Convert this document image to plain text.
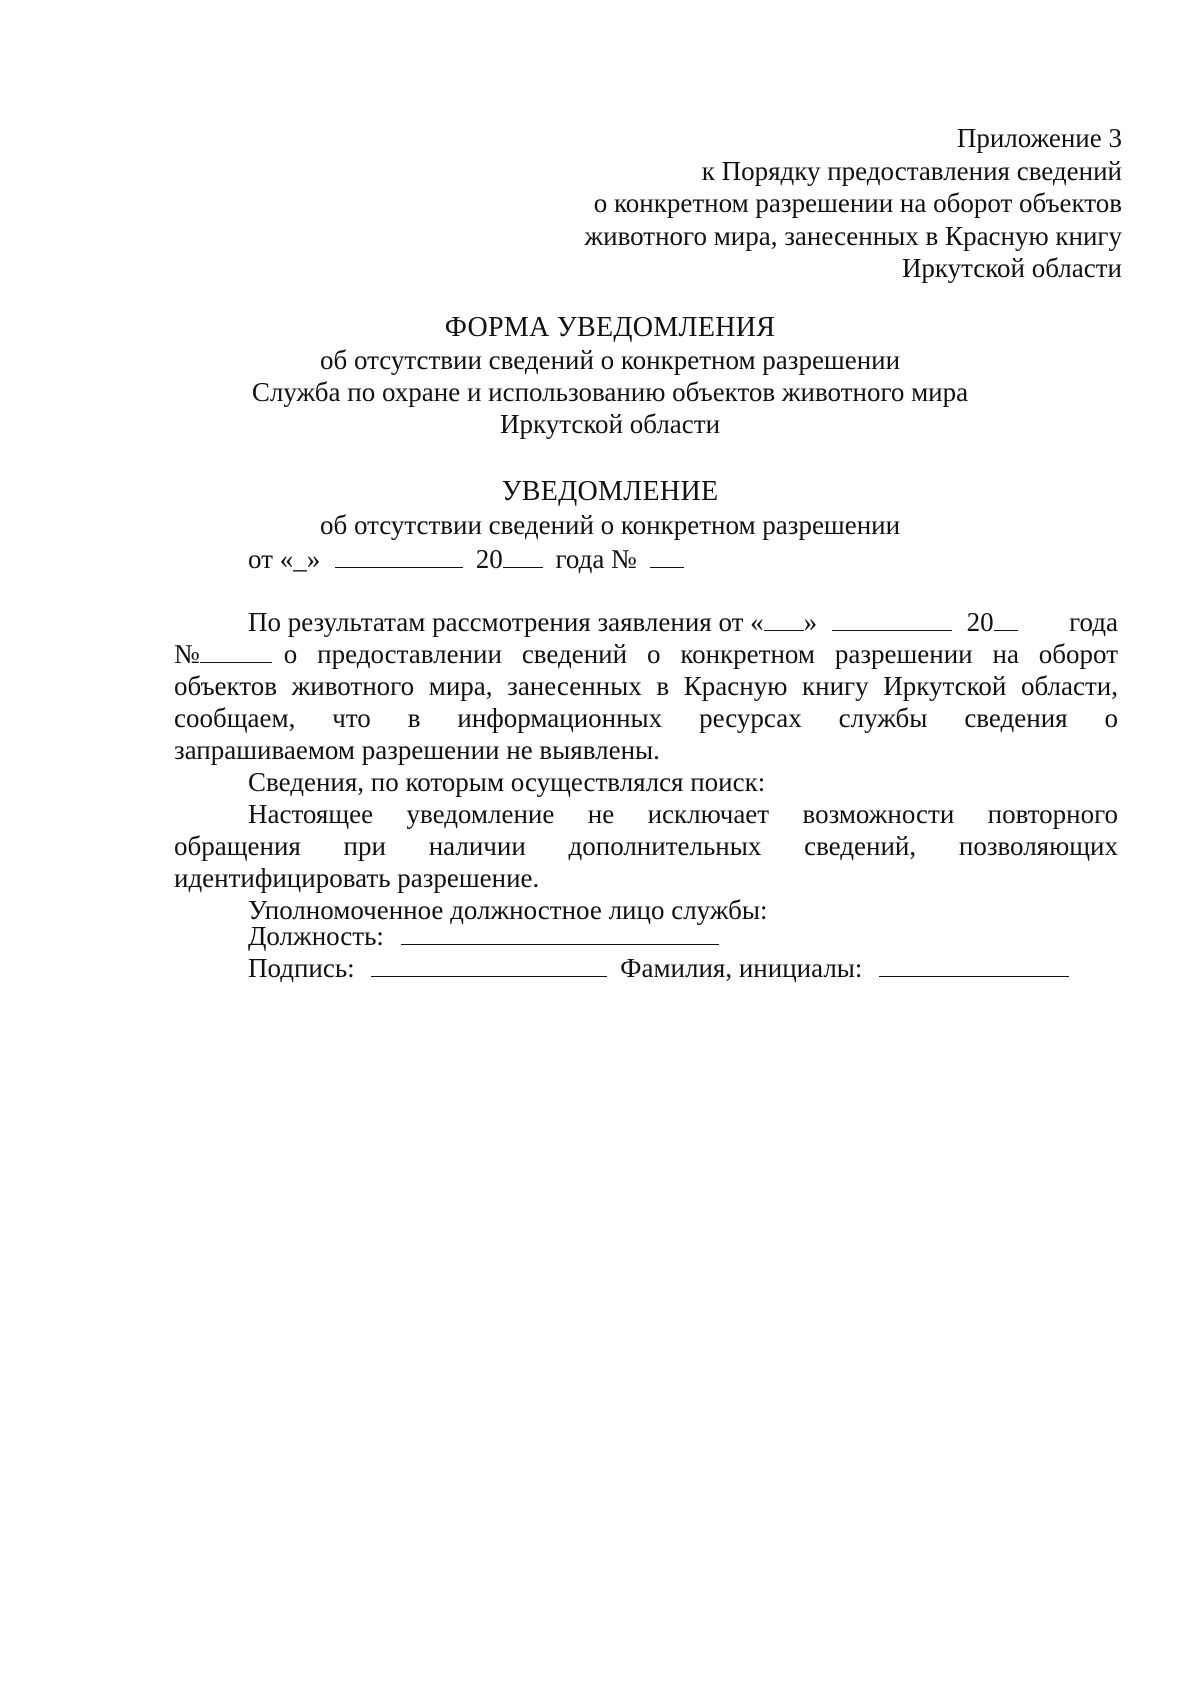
Приложение 3
к Порядку предоставления сведений
о конкретном разрешении на оборот объектов
животного мира, занесенных в Красную книгу
Иркутской области
ФОРМА УВЕДОМЛЕНИЯ
об отсутствии сведений о конкретном разрешении
Служба по охране и использованию объектов животного мира
Иркутской области
УВЕДОМЛЕНИЕ
об отсутствии сведений о конкретном разрешении
от «_»	20 года №
По результатам рассмотрения заявления от « »	20	года
№	о предоставлении сведений о конкретном разрешении на оборот
объектов животного мира, занесенных в Красную книгу Иркутской области,
сообщаем, что в информационных ресурсах службы сведения о
запрашиваемом разрешении не выявлены.
Сведения, по которым осуществлялся поиск:
Настоящее уведомление не исключает возможности повторного
обращения при наличии дополнительных сведений, позволяющих
идентифицировать разрешение.
Уполномоченное должностное лицо службы:
Должность:
Подпись:	Фамилия, инициалы:
